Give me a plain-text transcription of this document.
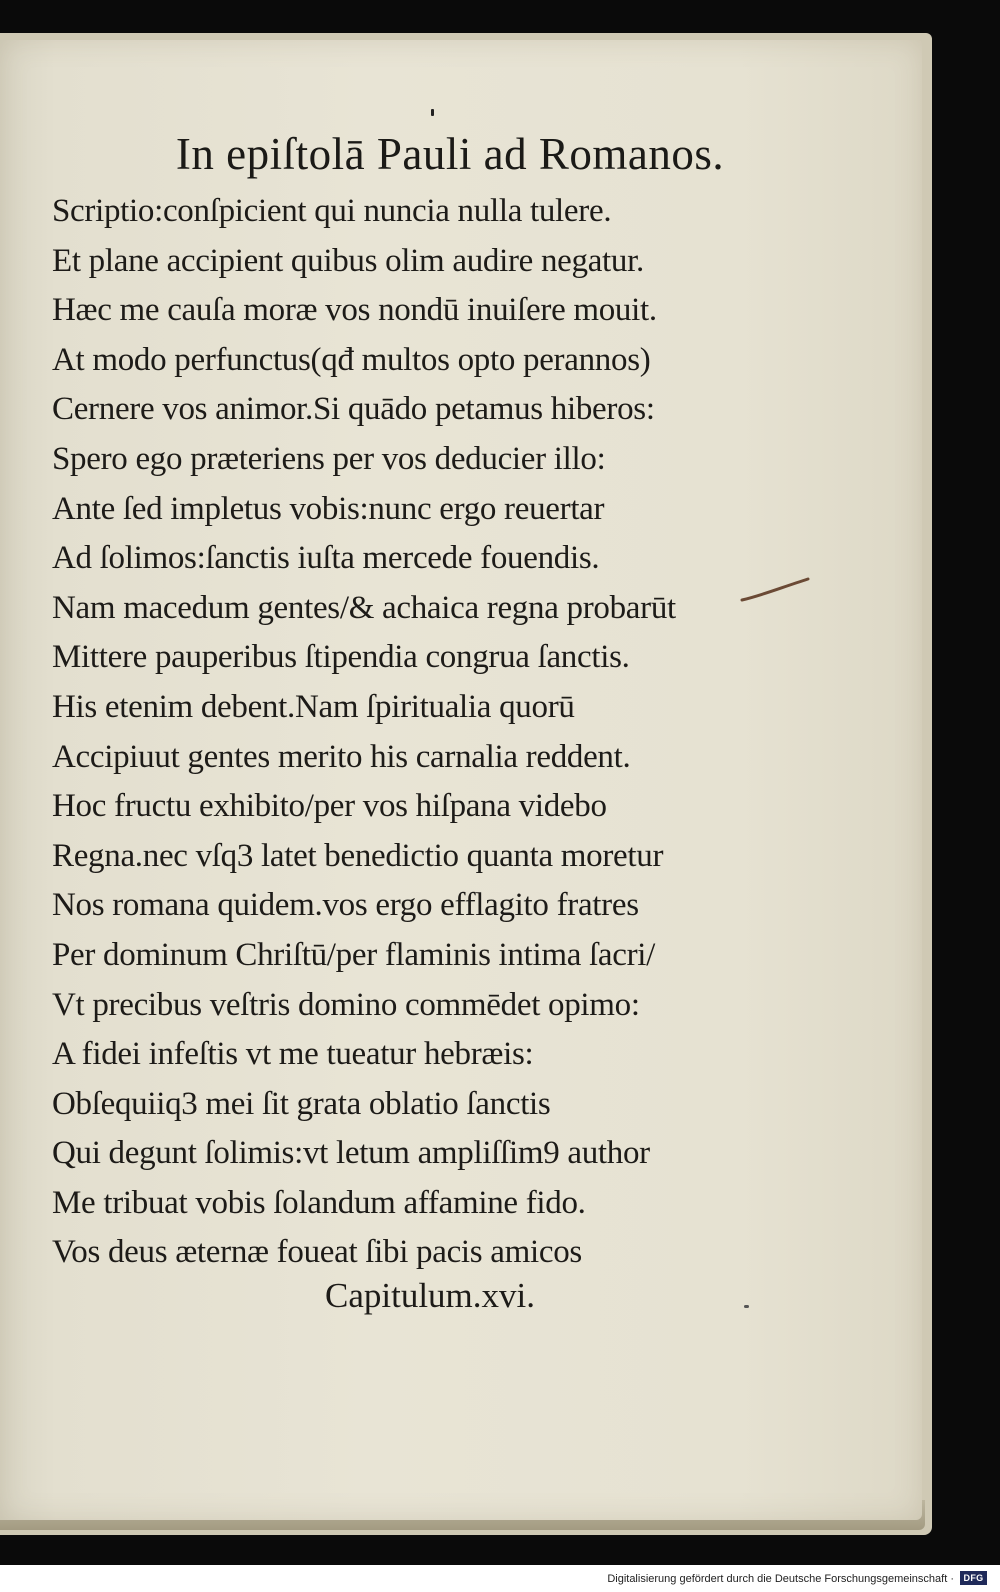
In epiſtolā Pauli ad Romanos.
Scriptio:conſpicient qui nuncia nulla tulere.
Et plane accipient quibus olim audire negatur.
Hæc me cauſa moræ vos nondū inuiſere mouit.
At modo perfunctus(qđ multos opto perannos)
Cernere vos animor.Si quādo petamus hiberos:
Spero ego præteriens per vos deducier illo:
Ante ſed impletus vobis:nunc ergo reuertar
Ad ſolimos:ſanctis iuſta mercede fouendis.
Nam macedum gentes/& achaica regna probarūt
Mittere pauperibus ſtipendia congrua ſanctis.
His etenim debent.Nam ſpiritualia quorū
Accipiuut gentes merito his carnalia reddent.
Hoc fructu exhibito/per vos hiſpana videbo
Regna.nec vſq3 latet benedictio quanta moretur
Nos romana quidem.vos ergo efflagito fratres
Per dominum Chriſtū/per flaminis intima ſacri/
Vt precibus veſtris domino commēdet opimo:
A fidei infeſtis vt me tueatur hebræis:
Obſequiiq3 mei ſit grata oblatio ſanctis
Qui degunt ſolimis:vt letum ampliſſim9 author
Me tribuat vobis ſolandum affamine fido.
Vos deus æternæ foueat ſibi pacis amicos
Capitulum.xvi.
Digitalisierung gefördert durch die Deutsche Forschungsgemeinschaft ·	DFG
